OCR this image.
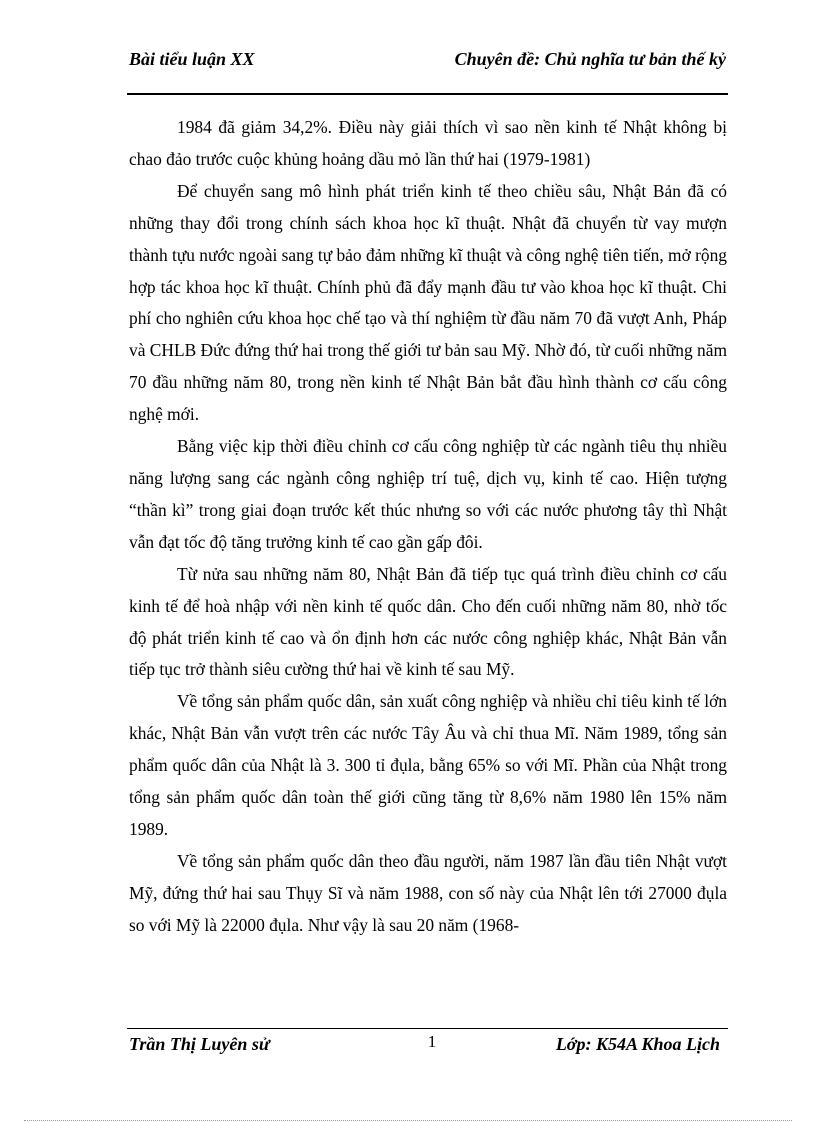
Bài tiểu luận XX	Chuyên đề: Chủ nghĩa tư bản thế kỷ

1984 đã giảm 34,2%. Điều này giải thích vì sao nền kinh tế Nhật không bị chao đảo trước cuộc khủng hoảng dầu mỏ lần thứ hai (1979-1981)

Để chuyển sang mô hình phát triển kinh tế theo chiều sâu, Nhật Bản đã có những thay đổi trong chính sách khoa học kĩ thuật. Nhật đã chuyển từ vay mượn thành tựu nước ngoài sang tự bảo đảm những kĩ thuật và công nghệ tiên tiến, mở rộng hợp tác khoa học kĩ thuật. Chính phủ đã đẩy mạnh đầu tư vào khoa học kĩ thuật. Chi phí cho nghiên cứu khoa học chế tạo và thí nghiệm từ đầu năm 70 đã vượt Anh, Pháp và CHLB Đức đứng thứ hai trong thế giới tư bản sau Mỹ. Nhờ đó, từ cuối những năm 70 đầu những năm 80, trong nền kinh tế Nhật Bản bắt đầu hình thành cơ cấu công nghệ mới.

Bằng việc kịp thời điều chỉnh cơ cấu công nghiệp từ các ngành tiêu thụ nhiều năng lượng sang các ngành công nghiệp trí tuệ, dịch vụ, kinh tế cao. Hiện tượng “thần kì” trong giai đoạn trước kết thúc nhưng so với các nước phương tây thì Nhật vẫn đạt tốc độ tăng trưởng kinh tế cao gần gấp đôi.

Từ nửa sau những năm 80, Nhật Bản đã tiếp tục quá trình điều chỉnh cơ cấu kinh tế để hoà nhập với nền kinh tế quốc dân. Cho đến cuối những năm 80, nhờ tốc độ phát triển kinh tế cao và ổn định hơn các nước công nghiệp khác, Nhật Bản vẫn tiếp tục trở thành siêu cường thứ hai về kinh tế sau Mỹ.

Về tổng sản phẩm quốc dân, sản xuất công nghiệp và nhiều chỉ tiêu kinh tế lớn khác, Nhật Bản vẫn vượt trên các nước Tây Âu và chỉ thua Mĩ. Năm 1989, tổng sản phẩm quốc dân của Nhật là 3. 300 tỉ đụla, bằng 65% so với Mĩ. Phần của Nhật trong tổng sản phẩm quốc dân toàn thế giới cũng tăng từ 8,6% năm 1980 lên 15% năm 1989.

Về tổng sản phẩm quốc dân theo đầu người, năm 1987 lần đầu tiên Nhật vượt Mỹ, đứng thứ hai sau Thụy Sĩ và năm 1988, con số này của Nhật lên tới 27000 đụla so với Mỹ là 22000 đụla. Như vậy là sau 20 năm (1968-

Trần Thị Luyên sử	1	Lớp: K54A Khoa Lịch
